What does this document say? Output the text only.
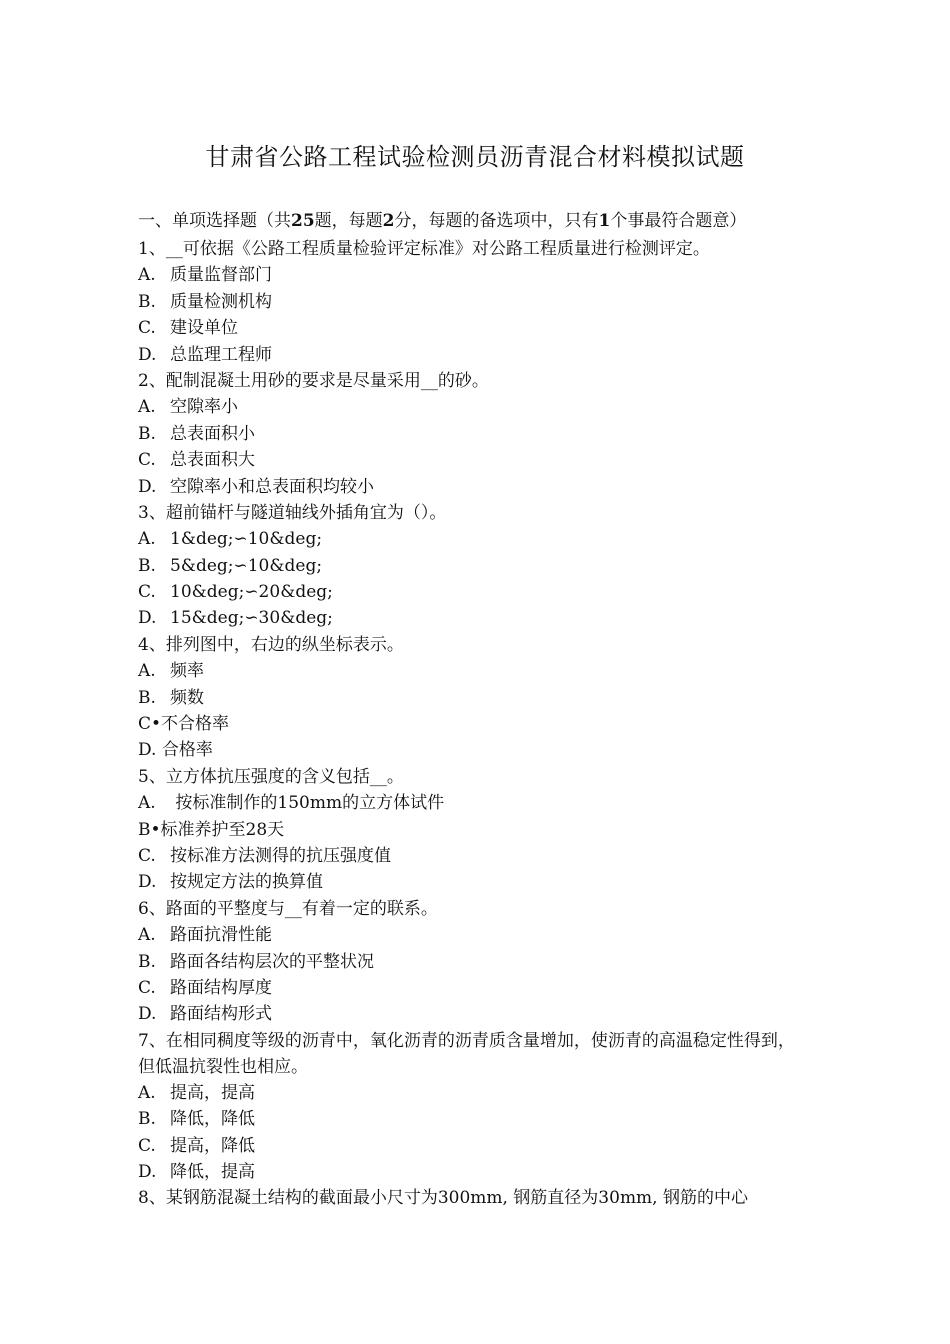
甘肃省公路工程试验检测员沥青混合材料模拟试题
一、单项选择题（共25题，每题2分，每题的备选项中，只有1个事最符合题意）
1、__可依据《公路工程质量检验评定标准》对公路工程质量进行检测评定。
A. 质量监督部门
B. 质量检测机构
C. 建设单位
D. 总监理工程师
2、配制混凝土用砂的要求是尽量采用__的砂。
A. 空隙率小
B. 总表面积小
C. 总表面积大
D. 空隙率小和总表面积均较小
3、超前锚杆与隧道轴线外插角宜为（）。
A. 1&deg;∽10&deg;
B. 5&deg;∽10&deg;
C. 10&deg;∽20&deg;
D. 15&deg;∽30&deg;
4、排列图中，右边的纵坐标表示。
A. 频率
B. 频数
C•不合格率
D. 合格率
5、立方体抗压强度的含义包括__。
A. 按标准制作的150mm的立方体试件
B•标准养护至28天
C. 按标准方法测得的抗压强度值
D. 按规定方法的换算值
6、路面的平整度与__有着一定的联系。
A. 路面抗滑性能
B. 路面各结构层次的平整状况
C. 路面结构厚度
D. 路面结构形式
7、在相同稠度等级的沥青中，氧化沥青的沥青质含量增加，使沥青的高温稳定性得到，但低温抗裂性也相应。
A. 提高，提高
B. 降低，降低
C. 提高，降低
D. 降低，提高
8、某钢筋混凝土结构的截面最小尺寸为300mm, 钢筋直径为30mm, 钢筋的中心
